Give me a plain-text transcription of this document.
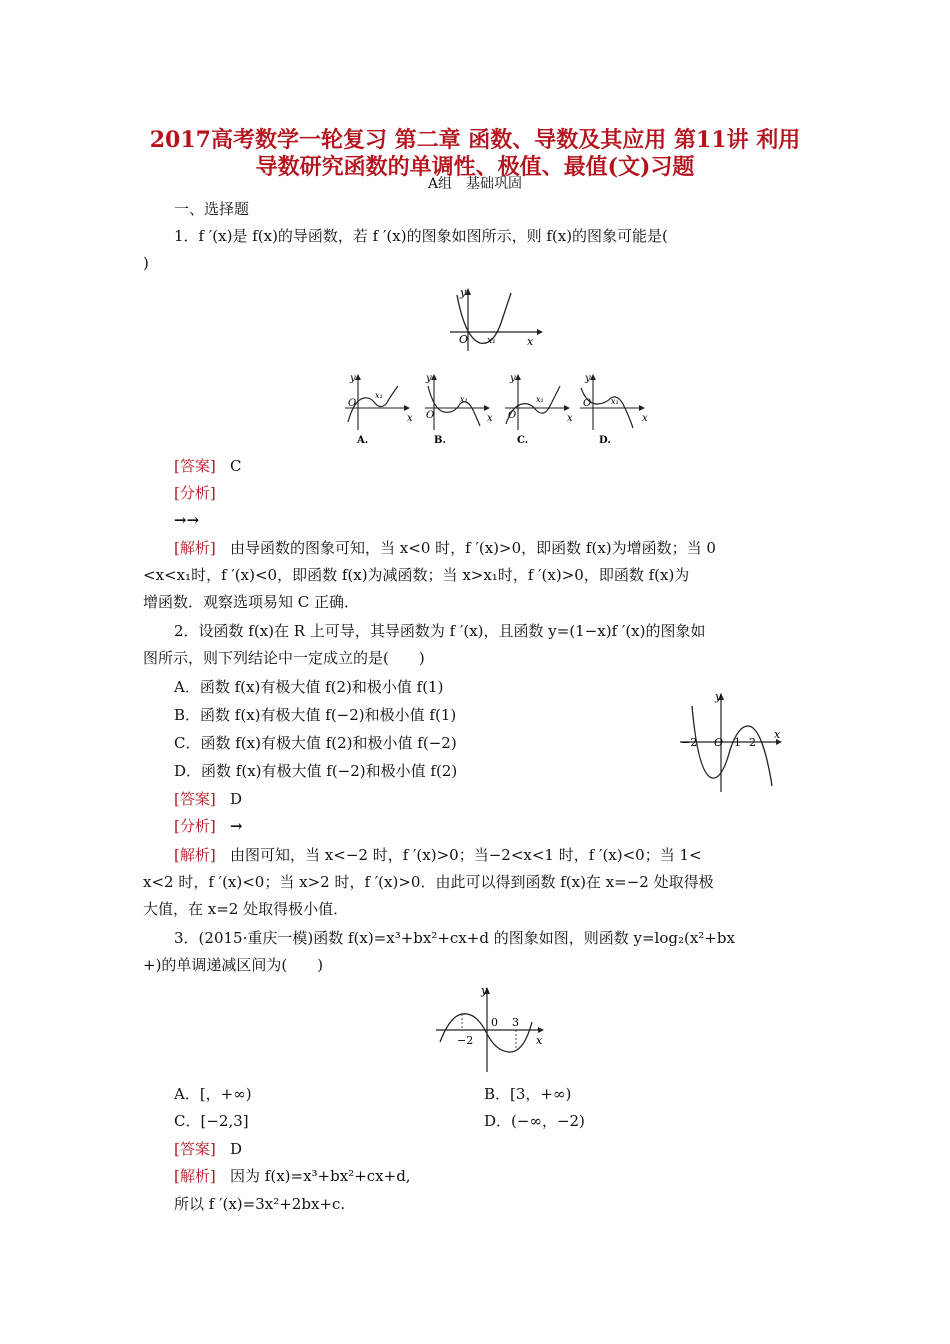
2017高考数学一轮复习 第二章 函数、导数及其应用 第11讲 利用
导数研究函数的单调性、极值、最值(文)习题
A组　基础巩固
一、选择题
1．f ′(x)是 f(x)的导函数，若 f ′(x)的图象如图所示，则 f(x)的图象可能是(
)
y
O x₁	x
y
O
x₁
x
A.
y
O
x₁
x
B.
y
O
x₁
x
C.
y
O x₁
x
D.
[答案] C
[分析]
→→
[解析] 由导函数的图象可知，当 x<0 时，f ′(x)>0，即函数 f(x)为增函数；当 0
<x<x₁时，f ′(x)<0，即函数 f(x)为减函数；当 x>x₁时，f ′(x)>0，即函数 f(x)为
增函数．观察选项易知 C 正确．
2．设函数 f(x)在 R 上可导，其导函数为 f ′(x)，且函数 y=(1−x)f ′(x)的图象如
图所示，则下列结论中一定成立的是(　　)
A．函数 f(x)有极大值 f(2)和极小值 f(1)
B．函数 f(x)有极大值 f(−2)和极小值 f(1)
C．函数 f(x)有极大值 f(2)和极小值 f(−2)
D．函数 f(x)有极大值 f(−2)和极小值 f(2)
y
−2 O 1 2
x
[答案] D
[分析] →
[解析] 由图可知，当 x<−2 时，f ′(x)>0；当−2<x<1 时，f ′(x)<0；当 1<
x<2 时，f ′(x)<0；当 x>2 时，f ′(x)>0．由此可以得到函数 f(x)在 x=−2 处取得极
大值，在 x=2 处取得极小值．
3．(2015·重庆一模)函数 f(x)=x³+bx²+cx+d 的图象如图，则函数 y=log₂(x²+bx
+)的单调递减区间为(　　)
y
0 3
−2	x
A．[，+∞)	B．[3，+∞)
C．[−2,3]	D．(−∞，−2)
[答案] D
[解析] 因为 f(x)=x³+bx²+cx+d,
所以 f ′(x)=3x²+2bx+c.
